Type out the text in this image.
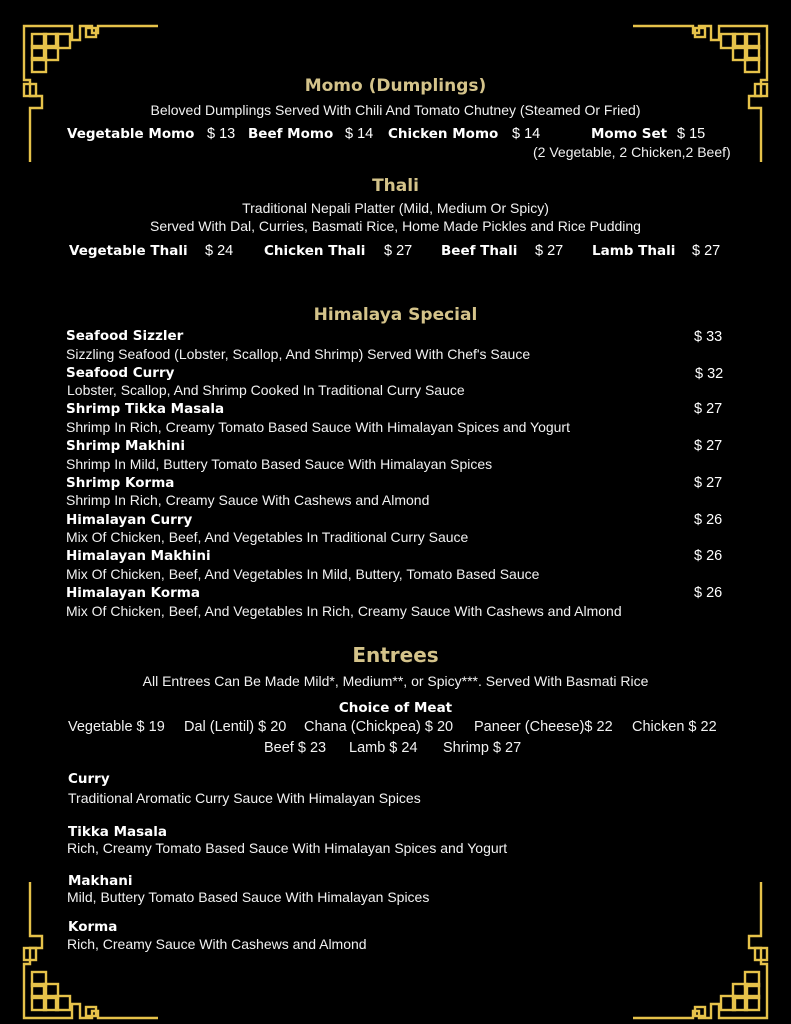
Momo (Dumplings)
Beloved Dumplings Served With Chili And Tomato Chutney (Steamed Or Fried)
Vegetable Momo $ 13 Beef Momo $ 14 Chicken Momo $ 14	Momo Set $ 15
(2 Vegetable, 2 Chicken,2 Beef)
Thali
Traditional Nepali Platter (Mild, Medium Or Spicy)
Served With Dal, Curries, Basmati Rice, Home Made Pickles and Rice Pudding
Vegetable Thali $ 24 Chicken Thali $ 27 Beef Thali $ 27 Lamb Thali $ 27
Himalaya Special
Seafood Sizzler	$ 33
Sizzling Seafood (Lobster, Scallop, And Shrimp) Served With Chef's Sauce
Seafood Curry	$ 32
Lobster, Scallop, And Shrimp Cooked In Traditional Curry Sauce
Shrimp Tikka Masala	$ 27
Shrimp In Rich, Creamy Tomato Based Sauce With Himalayan Spices and Yogurt
Shrimp Makhini	$ 27
Shrimp In Mild, Buttery Tomato Based Sauce With Himalayan Spices
Shrimp Korma	$ 27
Shrimp In Rich, Creamy Sauce With Cashews and Almond
Himalayan Curry	$ 26
Mix Of Chicken, Beef, And Vegetables In Traditional Curry Sauce
Himalayan Makhini	$ 26
Mix Of Chicken, Beef, And Vegetables In Mild, Buttery, Tomato Based Sauce
Himalayan Korma	$ 26
Mix Of Chicken, Beef, And Vegetables In Rich, Creamy Sauce With Cashews and Almond
Entrees
All Entrees Can Be Made Mild*, Medium**, or Spicy***. Served With Basmati Rice
Choice of Meat
Vegetable $ 19 Dal (Lentil) $ 20 Chana (Chickpea) $ 20 Paneer (Cheese)$ 22 Chicken $ 22
Beef $ 23 Lamb $ 24 Shrimp $ 27
Curry
Traditional Aromatic Curry Sauce With Himalayan Spices
Tikka Masala
Rich, Creamy Tomato Based Sauce With Himalayan Spices and Yogurt
Makhani
Mild, Buttery Tomato Based Sauce With Himalayan Spices
Korma
Rich, Creamy Sauce With Cashews and Almond
